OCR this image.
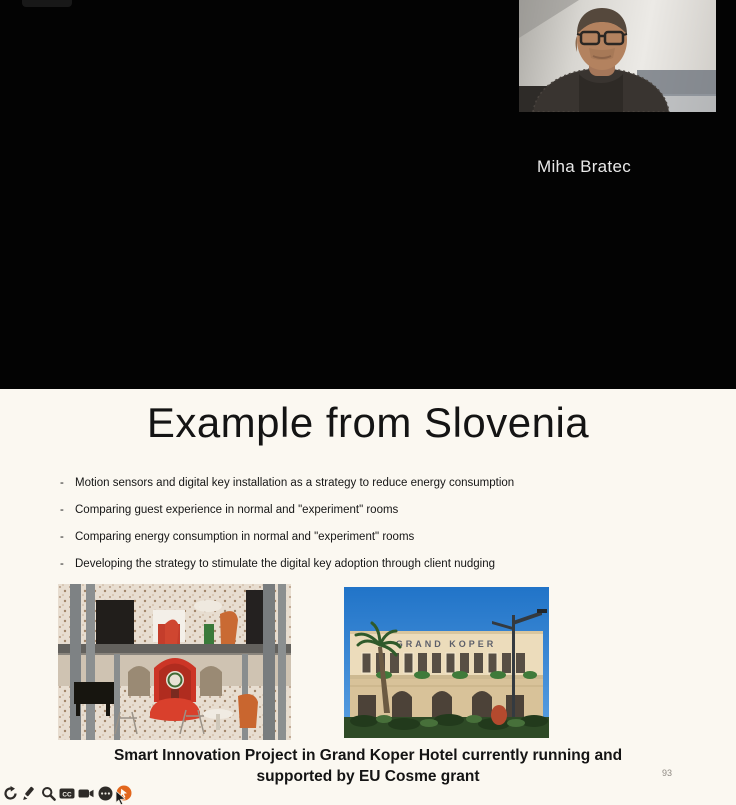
Miha Bratec
Example from Slovenia
- Motion sensors and digital key installation as a strategy to reduce energy consumption
- Comparing guest experience in normal and "experiment" rooms
- Comparing energy consumption in normal and "experiment" rooms
- Developing the strategy to stimulate the digital key adoption through client nudging
GRAND KOPER
Smart Innovation Project in Grand Koper Hotel currently running and
supported by EU Cosme grant	93
CC
